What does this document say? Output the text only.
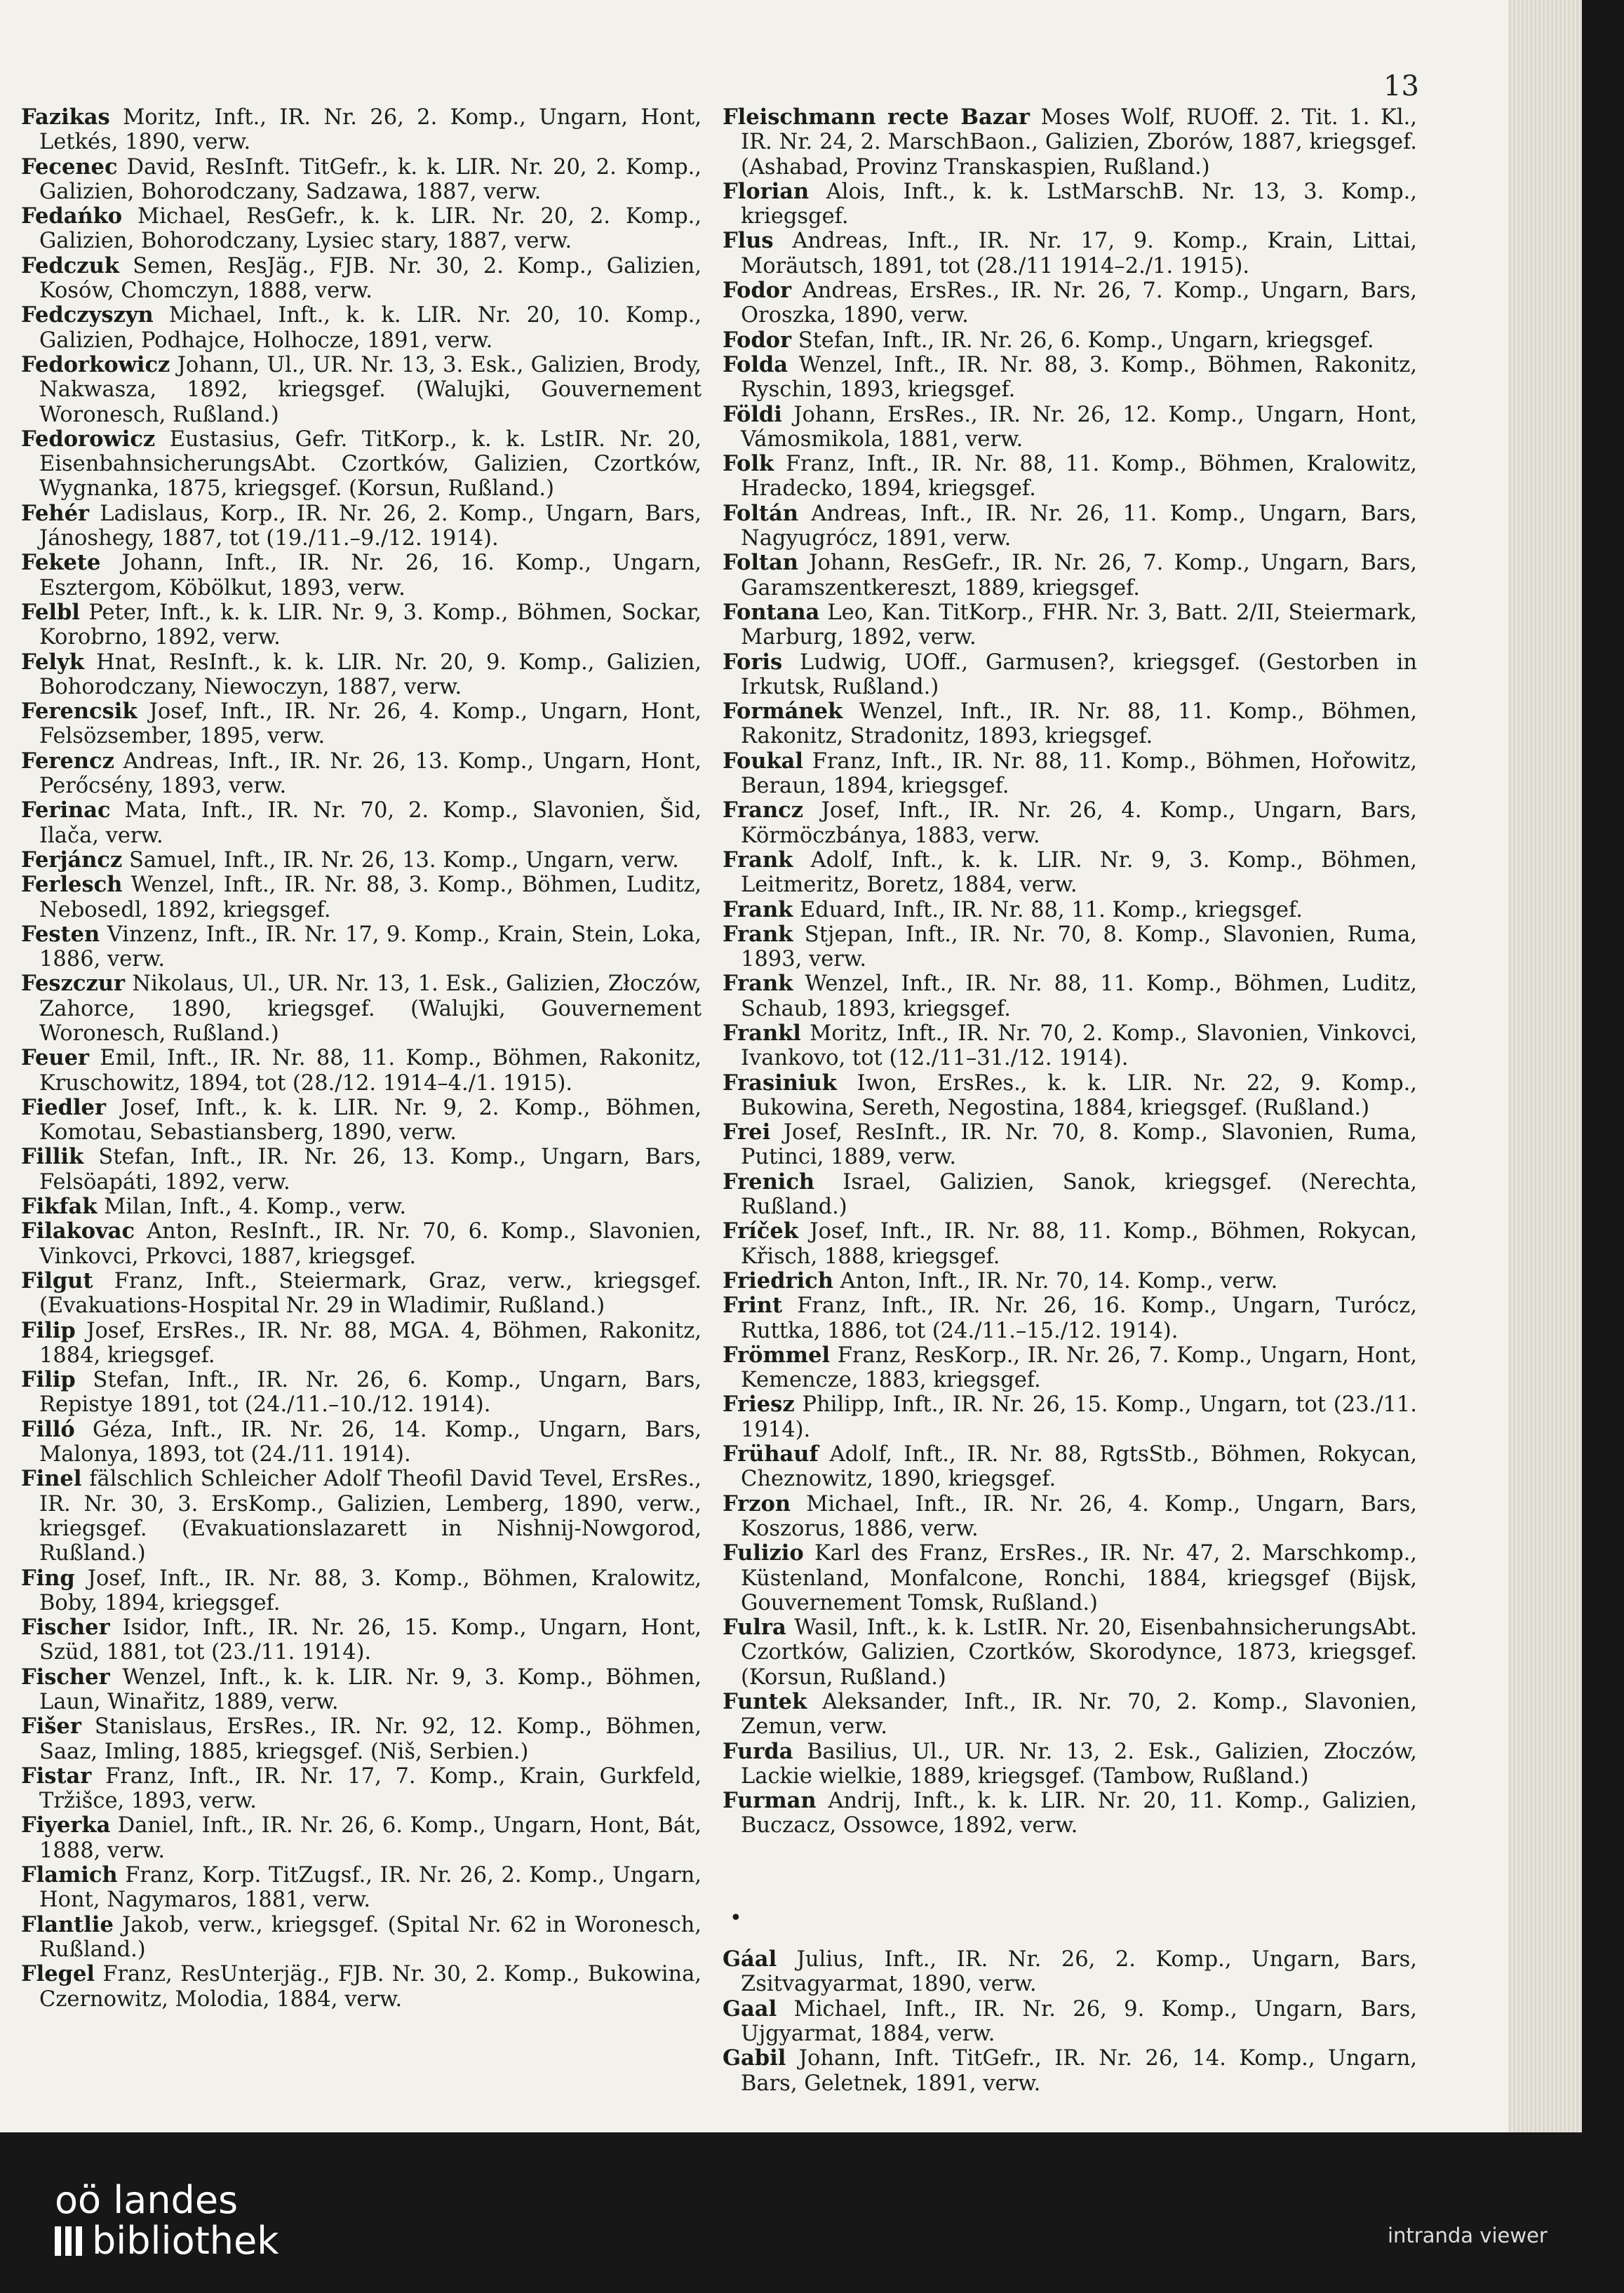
13

Fazikas Moritz, Inft., IR. Nr. 26, 2. Komp., Ungarn, Hont, Letkés, 1890, verw.

Fecenec David, ResInft. TitGefr., k. k. LIR. Nr. 20, 2. Komp., Galizien, Bohorodczany, Sadzawa, 1887, verw.

Fedańko Michael, ResGefr., k. k. LIR. Nr. 20, 2. Komp., Galizien, Bohorodczany, Lysiec stary, 1887, verw.

Fedczuk Semen, ResJäg., FJB. Nr. 30, 2. Komp., Galizien, Kosów, Chomczyn, 1888, verw.

Fedczyszyn Michael, Inft., k. k. LIR. Nr. 20, 10. Komp., Galizien, Podhajce, Holhocze, 1891, verw.

Fedorkowicz Johann, Ul., UR. Nr. 13, 3. Esk., Galizien, Brody, Nakwasza, 1892, kriegsgef. (Walujki, Gouvernement Woronesch, Rußland.)

Fedorowicz Eustasius, Gefr. TitKorp., k. k. LstIR. Nr. 20, EisenbahnsicherungsAbt. Czortków, Galizien, Czortków, Wygnanka, 1875, kriegsgef. (Korsun, Rußland.)

Fehér Ladislaus, Korp., IR. Nr. 26, 2. Komp., Ungarn, Bars, Jánoshegy, 1887, tot (19./11.–9./12. 1914).

Fekete Johann, Inft., IR. Nr. 26, 16. Komp., Ungarn, Esztergom, Köbölkut, 1893, verw.

Felbl Peter, Inft., k. k. LIR. Nr. 9, 3. Komp., Böhmen, Sockar, Korobrno, 1892, verw.

Felyk Hnat, ResInft., k. k. LIR. Nr. 20, 9. Komp., Galizien, Bohorodczany, Niewoczyn, 1887, verw.

Ferencsik Josef, Inft., IR. Nr. 26, 4. Komp., Ungarn, Hont, Felsözsember, 1895, verw.

Ferencz Andreas, Inft., IR. Nr. 26, 13. Komp., Ungarn, Hont, Perőcsény, 1893, verw.

Ferinac Mata, Inft., IR. Nr. 70, 2. Komp., Slavonien, Šid, Ilača, verw.

Ferjáncz Samuel, Inft., IR. Nr. 26, 13. Komp., Ungarn, verw.

Ferlesch Wenzel, Inft., IR. Nr. 88, 3. Komp., Böhmen, Luditz, Nebosedl, 1892, kriegsgef.

Festen Vinzenz, Inft., IR. Nr. 17, 9. Komp., Krain, Stein, Loka, 1886, verw.

Feszczur Nikolaus, Ul., UR. Nr. 13, 1. Esk., Galizien, Złoczów, Zahorce, 1890, kriegsgef. (Walujki, Gouvernement Woronesch, Rußland.)

Feuer Emil, Inft., IR. Nr. 88, 11. Komp., Böhmen, Rakonitz, Kruschowitz, 1894, tot (28./12. 1914–4./1. 1915).

Fiedler Josef, Inft., k. k. LIR. Nr. 9, 2. Komp., Böhmen, Komotau, Sebastiansberg, 1890, verw.

Fillik Stefan, Inft., IR. Nr. 26, 13. Komp., Ungarn, Bars, Felsöapáti, 1892, verw.

Fikfak Milan, Inft., 4. Komp., verw.

Filakovac Anton, ResInft., IR. Nr. 70, 6. Komp., Slavonien, Vinkovci, Prkovci, 1887, kriegsgef.

Filgut Franz, Inft., Steiermark, Graz, verw., kriegsgef. (Evakuations-Hospital Nr. 29 in Wladimir, Rußland.)

Filip Josef, ErsRes., IR. Nr. 88, MGA. 4, Böhmen, Rakonitz, 1884, kriegsgef.

Filip Stefan, Inft., IR. Nr. 26, 6. Komp., Ungarn, Bars, Repistye 1891, tot (24./11.–10./12. 1914).

Filló Géza, Inft., IR. Nr. 26, 14. Komp., Ungarn, Bars, Malonya, 1893, tot (24./11. 1914).

Finel fälschlich Schleicher Adolf Theofil David Tevel, ErsRes., IR. Nr. 30, 3. ErsKomp., Galizien, Lemberg, 1890, verw., kriegsgef. (Evakuationslazarett in Nishnij-Nowgorod, Rußland.)

Fing Josef, Inft., IR. Nr. 88, 3. Komp., Böhmen, Kralowitz, Boby, 1894, kriegsgef.

Fischer Isidor, Inft., IR. Nr. 26, 15. Komp., Ungarn, Hont, Szüd, 1881, tot (23./11. 1914).

Fischer Wenzel, Inft., k. k. LIR. Nr. 9, 3. Komp., Böhmen, Laun, Winařitz, 1889, verw.

Fišer Stanislaus, ErsRes., IR. Nr. 92, 12. Komp., Böhmen, Saaz, Imling, 1885, kriegsgef. (Niš, Serbien.)

Fistar Franz, Inft., IR. Nr. 17, 7. Komp., Krain, Gurkfeld, Tržišce, 1893, verw.

Fiyerka Daniel, Inft., IR. Nr. 26, 6. Komp., Ungarn, Hont, Bát, 1888, verw.

Flamich Franz, Korp. TitZugsf., IR. Nr. 26, 2. Komp., Ungarn, Hont, Nagymaros, 1881, verw.

Flantlie Jakob, verw., kriegsgef. (Spital Nr. 62 in Woronesch, Rußland.)

Flegel Franz, ResUnterjäg., FJB. Nr. 30, 2. Komp., Bukowina, Czernowitz, Molodia, 1884, verw.

Fleischmann recte Bazar Moses Wolf, RUOff. 2. Tit. 1. Kl., IR. Nr. 24, 2. MarschBaon., Galizien, Zborów, 1887, kriegsgef. (Ashabad, Provinz Transkaspien, Rußland.)

Florian Alois, Inft., k. k. LstMarschB. Nr. 13, 3. Komp., kriegsgef.

Flus Andreas, Inft., IR. Nr. 17, 9. Komp., Krain, Littai, Moräutsch, 1891, tot (28./11 1914–2./1. 1915).

Fodor Andreas, ErsRes., IR. Nr. 26, 7. Komp., Ungarn, Bars, Oroszka, 1890, verw.

Fodor Stefan, Inft., IR. Nr. 26, 6. Komp., Ungarn, kriegsgef.

Folda Wenzel, Inft., IR. Nr. 88, 3. Komp., Böhmen, Rakonitz, Ryschin, 1893, kriegsgef.

Földi Johann, ErsRes., IR. Nr. 26, 12. Komp., Ungarn, Hont, Vámosmikola, 1881, verw.

Folk Franz, Inft., IR. Nr. 88, 11. Komp., Böhmen, Kralowitz, Hradecko, 1894, kriegsgef.

Foltán Andreas, Inft., IR. Nr. 26, 11. Komp., Ungarn, Bars, Nagyugrócz, 1891, verw.

Foltan Johann, ResGefr., IR. Nr. 26, 7. Komp., Ungarn, Bars, Garamszentkereszt, 1889, kriegsgef.

Fontana Leo, Kan. TitKorp., FHR. Nr. 3, Batt. 2/II, Steiermark, Marburg, 1892, verw.

Foris Ludwig, UOff., Garmusen?, kriegsgef. (Gestorben in Irkutsk, Rußland.)

Formánek Wenzel, Inft., IR. Nr. 88, 11. Komp., Böhmen, Rakonitz, Stradonitz, 1893, kriegsgef.

Foukal Franz, Inft., IR. Nr. 88, 11. Komp., Böhmen, Hořowitz, Beraun, 1894, kriegsgef.

Francz Josef, Inft., IR. Nr. 26, 4. Komp., Ungarn, Bars, Körmöczbánya, 1883, verw.

Frank Adolf, Inft., k. k. LIR. Nr. 9, 3. Komp., Böhmen, Leitmeritz, Boretz, 1884, verw.

Frank Eduard, Inft., IR. Nr. 88, 11. Komp., kriegsgef.

Frank Stjepan, Inft., IR. Nr. 70, 8. Komp., Slavonien, Ruma, 1893, verw.

Frank Wenzel, Inft., IR. Nr. 88, 11. Komp., Böhmen, Luditz, Schaub, 1893, kriegsgef.

Frankl Moritz, Inft., IR. Nr. 70, 2. Komp., Slavonien, Vinkovci, Ivankovo, tot (12./11–31./12. 1914).

Frasiniuk Iwon, ErsRes., k. k. LIR. Nr. 22, 9. Komp., Bukowina, Sereth, Negostina, 1884, kriegsgef. (Rußland.)

Frei Josef, ResInft., IR. Nr. 70, 8. Komp., Slavonien, Ruma, Putinci, 1889, verw.

Frenich Israel, Galizien, Sanok, kriegsgef. (Nerechta, Rußland.)

Fríček Josef, Inft., IR. Nr. 88, 11. Komp., Böhmen, Rokycan, Křisch, 1888, kriegsgef.

Friedrich Anton, Inft., IR. Nr. 70, 14. Komp., verw.

Frint Franz, Inft., IR. Nr. 26, 16. Komp., Ungarn, Turócz, Ruttka, 1886, tot (24./11.–15./12. 1914).

Frömmel Franz, ResKorp., IR. Nr. 26, 7. Komp., Ungarn, Hont, Kemencze, 1883, kriegsgef.

Friesz Philipp, Inft., IR. Nr. 26, 15. Komp., Ungarn, tot (23./11. 1914).

Frühauf Adolf, Inft., IR. Nr. 88, RgtsStb., Böhmen, Rokycan, Cheznowitz, 1890, kriegsgef.

Frzon Michael, Inft., IR. Nr. 26, 4. Komp., Ungarn, Bars, Koszorus, 1886, verw.

Fulizio Karl des Franz, ErsRes., IR. Nr. 47, 2. Marschkomp., Küstenland, Monfalcone, Ronchi, 1884, kriegsgef (Bijsk, Gouvernement Tomsk, Rußland.)

Fulra Wasil, Inft., k. k. LstIR. Nr. 20, EisenbahnsicherungsAbt. Czortków, Galizien, Czortków, Skorodynce, 1873, kriegsgef. (Korsun, Rußland.)

Funtek Aleksander, Inft., IR. Nr. 70, 2. Komp., Slavonien, Zemun, verw.

Furda Basilius, Ul., UR. Nr. 13, 2. Esk., Galizien, Złoczów, Lackie wielkie, 1889, kriegsgef. (Tambow, Rußland.)

Furman Andrij, Inft., k. k. LIR. Nr. 20, 11. Komp., Galizien, Buczacz, Ossowce, 1892, verw.

•

Gáal Julius, Inft., IR. Nr. 26, 2. Komp., Ungarn, Bars, Zsitvagyarmat, 1890, verw.

Gaal Michael, Inft., IR. Nr. 26, 9. Komp., Ungarn, Bars, Ujgyarmat, 1884, verw.

Gabil Johann, Inft. TitGefr., IR. Nr. 26, 14. Komp., Ungarn, Bars, Geletnek, 1891, verw.

oö landes
bibliothek	intranda viewer
